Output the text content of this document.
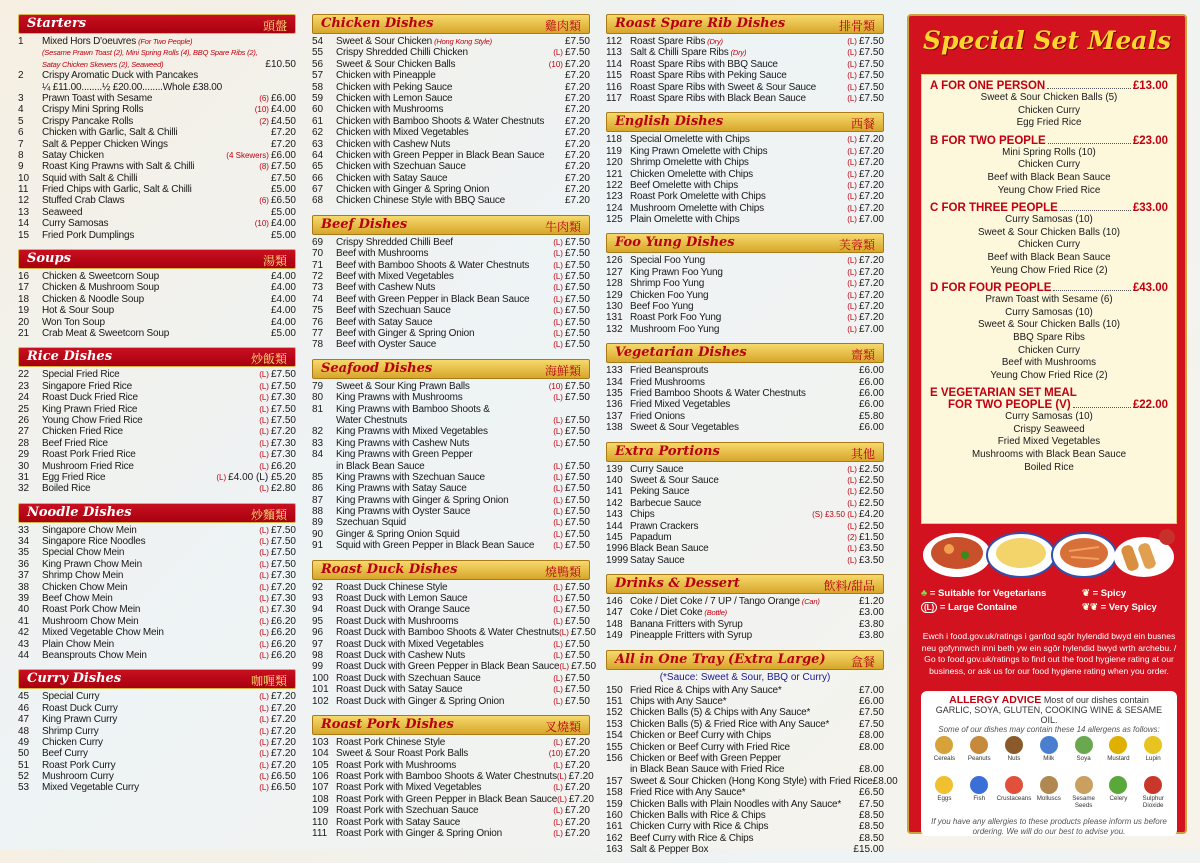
Starters	頭盤
1	Mixed Hors D'oeuvres (For Two People)
(Sesame Prawn Toast (2), Mini Spring Rolls (4), BBQ Spare Ribs (2),
Satay Chicken Skewers (2), Seaweed)	£10.50
2	Crispy Aromatic Duck with Pancakes
¼ £11.00........½ £20.00........Whole £38.00
3	Prawn Toast with Sesame	(6) £6.00
4	Crispy Mini Spring Rolls	(10) £4.00
5	Crispy Pancake Rolls	(2) £4.50
6	Chicken with Garlic, Salt & Chilli	£7.20
7	Salt & Pepper Chicken Wings	£7.20
8	Satay Chicken	(4 Skewers) £6.00
9	Roast King Prawns with Salt & Chilli	(8) £7.50
10	Squid with Salt & Chilli	£7.50
11	Fried Chips with Garlic, Salt & Chilli	£5.00
12	Stuffed Crab Claws	(6) £6.50
13	Seaweed	£5.00
14	Curry Samosas	(10) £4.00
15	Fried Pork Dumplings	£5.00
Soups	湯類
16	Chicken & Sweetcorn Soup	£4.00
17	Chicken & Mushroom Soup	£4.00
18	Chicken & Noodle Soup	£4.00
19	Hot & Sour Soup	£4.00
20	Won Ton Soup	£4.00
21	Crab Meat & Sweetcorn Soup	£5.00
Rice Dishes	炒飯類
22	Special Fried Rice	(L) £7.50
23	Singapore Fried Rice	(L) £7.50
24	Roast Duck Fried Rice	(L) £7.30
25	King Prawn Fried Rice	(L) £7.50
26	Young Chow Fried Rice	(L) £7.50
27	Chicken Fried Rice	(L) £7.20
28	Beef Fried Rice	(L) £7.30
29	Roast Pork Fried Rice	(L) £7.30
30	Mushroom Fried Rice	(L) £6.20
31	Egg Fried Rice	(L) £4.00 (L) £5.20
32	Boiled Rice	(L) £2.80
Noodle Dishes	炒麵類
33	Singapore Chow Mein	(L) £7.50
34	Singapore Rice Noodles	(L) £7.50
35	Special Chow Mein	(L) £7.50
36	King Prawn Chow Mein	(L) £7.50
37	Shrimp Chow Mein	(L) £7.30
38	Chicken Chow Mein	(L) £7.20
39	Beef Chow Mein	(L) £7.30
40	Roast Pork Chow Mein	(L) £7.30
41	Mushroom Chow Mein	(L) £6.20
42	Mixed Vegetable Chow Mein	(L) £6.20
43	Plain Chow Mein	(L) £6.20
44	Beansprouts Chow Mein	(L) £6.20
Curry Dishes	咖喱類
45	Special Curry	(L) £7.20
46	Roast Duck Curry	(L) £7.20
47	King Prawn Curry	(L) £7.20
48	Shrimp Curry	(L) £7.20
49	Chicken Curry	(L) £7.20
50	Beef Curry	(L) £7.20
51	Roast Pork Curry	(L) £7.20
52	Mushroom Curry	(L) £6.50
53	Mixed Vegetable Curry	(L) £6.50
Chicken Dishes	雞肉類
54	Sweet & Sour Chicken (Hong Kong Style)	£7.50
55	Crispy Shredded Chilli Chicken	(L) £7.50
56	Sweet & Sour Chicken Balls	(10) £7.20
57	Chicken with Pineapple	£7.20
58	Chicken with Peking Sauce	£7.20
59	Chicken with Lemon Sauce	£7.20
60	Chicken with Mushrooms	£7.20
61	Chicken with Bamboo Shoots & Water Chestnuts	£7.20
62	Chicken with Mixed Vegetables	£7.20
63	Chicken with Cashew Nuts	£7.20
64	Chicken with Green Pepper in Black Bean Sauce	£7.20
65	Chicken with Szechuan Sauce	£7.20
66	Chicken with Satay Sauce	£7.20
67	Chicken with Ginger & Spring Onion	£7.20
68	Chicken Chinese Style with BBQ Sauce	£7.20
Beef Dishes	牛肉類
69	Crispy Shredded Chilli Beef	(L) £7.50
70	Beef with Mushrooms	(L) £7.50
71	Beef with Bamboo Shoots & Water Chestnuts	(L) £7.50
72	Beef with Mixed Vegetables	(L) £7.50
73	Beef with Cashew Nuts	(L) £7.50
74	Beef with Green Pepper in Black Bean Sauce	(L) £7.50
75	Beef with Szechuan Sauce	(L) £7.50
76	Beef with Satay Sauce	(L) £7.50
77	Beef with Ginger & Spring Onion	(L) £7.50
78	Beef with Oyster Sauce	(L) £7.50
Seafood Dishes	海鮮類
79	Sweet & Sour King Prawn Balls	(10) £7.50
80	King Prawns with Mushrooms	(L) £7.50
81	King Prawns with Bamboo Shoots &
Water Chestnuts	(L) £7.50
82	King Prawns with Mixed Vegetables	(L) £7.50
83	King Prawns with Cashew Nuts	(L) £7.50
84	King Prawns with Green Pepper
in Black Bean Sauce	(L) £7.50
85	King Prawns with Szechuan Sauce	(L) £7.50
86	King Prawns with Satay Sauce	(L) £7.50
87	King Prawns with Ginger & Spring Onion	(L) £7.50
88	King Prawns with Oyster Sauce	(L) £7.50
89	Szechuan Squid	(L) £7.50
90	Ginger & Spring Onion Squid	(L) £7.50
91	Squid with Green Pepper in Black Bean Sauce	(L) £7.50
Roast Duck Dishes	燒鴨類
92	Roast Duck Chinese Style	(L) £7.50
93	Roast Duck with Lemon Sauce	(L) £7.50
94	Roast Duck with Orange Sauce	(L) £7.50
95	Roast Duck with Mushrooms	(L) £7.50
96	Roast Duck with Bamboo Shoots & Water Chestnuts (L) £7.50
97	Roast Duck with Mixed Vegetables	(L) £7.50
98	Roast Duck with Cashew Nuts	(L) £7.50
99	Roast Duck with Green Pepper in Black Bean Sauce (L) £7.50
100 Roast Duck with Szechuan Sauce	(L) £7.50
101 Roast Duck with Satay Sauce	(L) £7.50
102 Roast Duck with Ginger & Spring Onion	(L) £7.50
Roast Pork Dishes	叉燒類
103 Roast Pork Chinese Style	(L) £7.20
104 Sweet & Sour Roast Pork Balls	(10) £7.20
105 Roast Pork with Mushrooms	(L) £7.20
106 Roast Pork with Bamboo Shoots & Water Chestnuts (L) £7.20
107 Roast Pork with Mixed Vegetables	(L) £7.20
108 Roast Pork with Green Pepper in Black Bean Sauce (L) £7.20
109 Roast Pork with Szechuan Sauce	(L) £7.20
110 Roast Pork with Satay Sauce	(L) £7.20
111 Roast Pork with Ginger & Spring Onion	(L) £7.20
Roast Spare Rib Dishes	排骨類
112 Roast Spare Ribs (Dry)	(L) £7.50
113 Salt & Chilli Spare Ribs (Dry)	(L) £7.50
114 Roast Spare Ribs with BBQ Sauce	(L) £7.50
115 Roast Spare Ribs with Peking Sauce	(L) £7.50
116 Roast Spare Ribs with Sweet & Sour Sauce	(L) £7.50
117 Roast Spare Ribs with Black Bean Sauce	(L) £7.50
English Dishes	西餐
118 Special Omelette with Chips	(L) £7.20
119 King Prawn Omelette with Chips	(L) £7.20
120 Shrimp Omelette with Chips	(L) £7.20
121 Chicken Omelette with Chips	(L) £7.20
122 Beef Omelette with Chips	(L) £7.20
123 Roast Pork Omelette with Chips	(L) £7.20
124 Mushroom Omelette with Chips	(L) £7.20
125 Plain Omelette with Chips	(L) £7.00
Foo Yung Dishes	芙蓉類
126 Special Foo Yung	(L) £7.20
127 King Prawn Foo Yung	(L) £7.20
128 Shrimp Foo Yung	(L) £7.20
129 Chicken Foo Yung	(L) £7.20
130 Beef Foo Yung	(L) £7.20
131 Roast Pork Foo Yung	(L) £7.20
132 Mushroom Foo Yung	(L) £7.00
Vegetarian Dishes	齋類
133 Fried Beansprouts	£6.00
134 Fried Mushrooms	£6.00
135 Fried Bamboo Shoots & Water Chestnuts	£6.00
136 Fried Mixed Vegetables	£6.00
137 Fried Onions	£5.80
138 Sweet & Sour Vegetables	£6.00
Extra Portions	其他
139 Curry Sauce	(L) £2.50
140 Sweet & Sour Sauce	(L) £2.50
141 Peking Sauce	(L) £2.50
142 Barbecue Sauce	(L) £2.50
143 Chips	(S) £3.50 (L) £4.20
144 Prawn Crackers	(L) £2.50
145 Papadum	(2) £1.50
1996 Black Bean Sauce	(L) £3.50
1999 Satay Sauce	(L) £3.50
Drinks & Dessert	飲料/甜品
146 Coke / Diet Coke / 7 UP / Tango Orange (Can)	£1.20
147 Coke / Diet Coke (Bottle)	£3.00
148 Banana Fritters with Syrup	£3.80
149 Pineapple Fritters with Syrup	£3.80
All in One Tray (Extra Large) 盒餐
(*Sauce: Sweet & Sour, BBQ or Curry)
150 Fried Rice & Chips with Any Sauce*	£7.00
151 Chips with Any Sauce*	£6.00
152 Chicken Balls (5) & Chips with Any Sauce*	£7.50
153 Chicken Balls (5) & Fried Rice with Any Sauce*	£7.50
154 Chicken or Beef Curry with Chips	£8.00
155 Chicken or Beef Curry with Fried Rice	£8.00
156 Chicken or Beef with Green Pepper
in Black Bean Sauce with Fried Rice	£8.00
157 Sweet & Sour Chicken (Hong Kong Style) with Fried Rice £8.00
158 Fried Rice with Any Sauce*	£6.50
159 Chicken Balls with Plain Noodles with Any Sauce*	£7.50
160 Chicken Balls with Rice & Chips	£8.50
161 Chicken Curry with Rice & Chips	£8.50
162 Beef Curry with Rice & Chips	£8.50
163 Salt & Pepper Box	£15.00
Special Set Meals
A FOR ONE PERSON	£13.00
Sweet & Sour Chicken Balls (5)
Chicken Curry
Egg Fried Rice
B FOR TWO PEOPLE	£23.00
Mini Spring Rolls (10)
Chicken Curry
Beef with Black Bean Sauce
Yeung Chow Fried Rice
C FOR THREE PEOPLE	£33.00
Curry Samosas (10)
Sweet & Sour Chicken Balls (10)
Chicken Curry
Beef with Black Bean Sauce
Yeung Chow Fried Rice (2)
D FOR FOUR PEOPLE	£43.00
Prawn Toast with Sesame (6)
Curry Samosas (10)
Sweet & Sour Chicken Balls (10)
BBQ Spare Ribs
Chicken Curry
Beef with Mushrooms
Yeung Chow Fried Rice (2)
E VEGETARIAN SET MEAL
FOR TWO PEOPLE (V)	£22.00
Curry Samosas (10)
Crispy Seaweed
Fried Mixed Vegetables
Mushrooms with Black Bean Sauce
Boiled Rice
♣ = Suitable for Vegetarians	❦ = Spicy
(L) = Large Containe	❦❦ = Very Spicy
Ewch i food.gov.uk/ratings i ganfod sgôr hylendid bwyd ein busnes neu gofynnwch inni beth yw ein sgôr hylendid bwyd wrth archebu. / Go to food.gov.uk/ratings to find out the food hygiene rating at our business, or ask us for our food hygiene rating when you order.
ALLERGY ADVICE Most of our dishes contain
GARLIC, SOYA, GLUTEN, COOKING WINE & SESAME OIL.
Some of our dishes may contain these 14 allergens as follows:
Cereals	Peanuts	Nuts	Milk	Soya	Mustard	Lupin
Eggs	Fish	Crustaceans Molluscs	Sesame Seeds
Celery	Sulphur Dioxide
If you have any allergies to these products please inform us before ordering. We will do our best to advise you.
